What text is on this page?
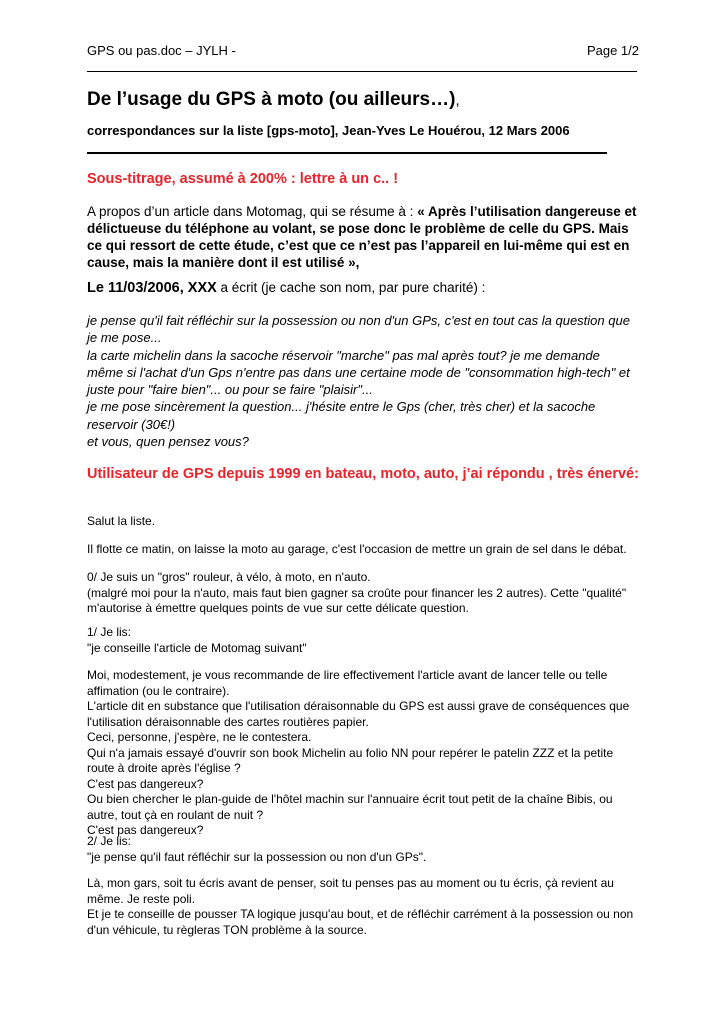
GPS ou pas.doc – JYLH -	Page 1/2
De l’usage du GPS à moto (ou ailleurs…),
correspondances sur la liste [gps-moto], Jean-Yves Le Houérou, 12 Mars 2006
Sous-titrage, assumé à 200% : lettre à un c.. !
A propos d’un article dans Motomag, qui se résume à : « Après l’utilisation dangereuse et délictueuse du téléphone au volant, se pose donc le problème de celle du GPS. Mais ce qui ressort de cette étude, c’est que ce n’est pas l’appareil en lui-même qui est en cause, mais la manière dont il est utilisé »,
Le 11/03/2006, XXX a écrit (je cache son nom, par pure charité) :
je pense qu'il fait réfléchir sur la possession ou non d'un GPs, c'est en tout cas la question que je me pose...
la carte michelin dans la sacoche réservoir "marche" pas mal après tout? je me demande même si l'achat d'un Gps n'entre pas dans une certaine mode de "consommation high-tech" et juste pour "faire bien"... ou pour se faire "plaisir"...
je me pose sincèrement la question... j'hésite entre le Gps (cher, très cher) et la sacoche reservoir (30€!)
et vous, quen pensez vous?
Utilisateur de GPS depuis 1999 en bateau, moto, auto, j’ai répondu , très énervé:
Salut la liste.
Il flotte ce matin, on laisse la moto au garage, c'est l'occasion de mettre un grain de sel dans le débat.
0/ Je suis un "gros" rouleur, à vélo, à moto, en n'auto.
(malgré moi pour la n'auto, mais faut bien gagner sa croûte pour financer les 2 autres). Cette "qualité" m'autorise à émettre quelques points de vue sur cette délicate question.
1/ Je lis:
"je conseille l'article de Motomag suivant"
Moi, modestement, je vous recommande de lire effectivement l'article avant de lancer telle ou telle affimation (ou le contraire).
L'article dit en substance que l'utilisation déraisonnable du GPS est aussi grave de conséquences que l'utilisation déraisonnable des cartes routières papier.
Ceci, personne, j'espère, ne le contestera.
Qui n'a jamais essayé d'ouvrir son book Michelin au folio NN pour repérer le patelin ZZZ et la petite route à droite après l'église ?
C'est pas dangereux?
Ou bien chercher le plan-guide de l'hôtel machin sur l'annuaire écrit tout petit de la chaîne Bibis, ou autre, tout çà en roulant de nuit ?
C'est pas dangereux?
2/ Je lis:
"je pense qu'il faut réfléchir sur la possession ou non d'un GPs".
Là, mon gars, soit tu écris avant de penser, soit tu penses pas au moment ou tu écris, çà revient au même. Je reste poli.
Et je te conseille de pousser TA logique jusqu'au bout, et de réfléchir carrément à la possession ou non d'un véhicule, tu règleras TON problème à la source.
